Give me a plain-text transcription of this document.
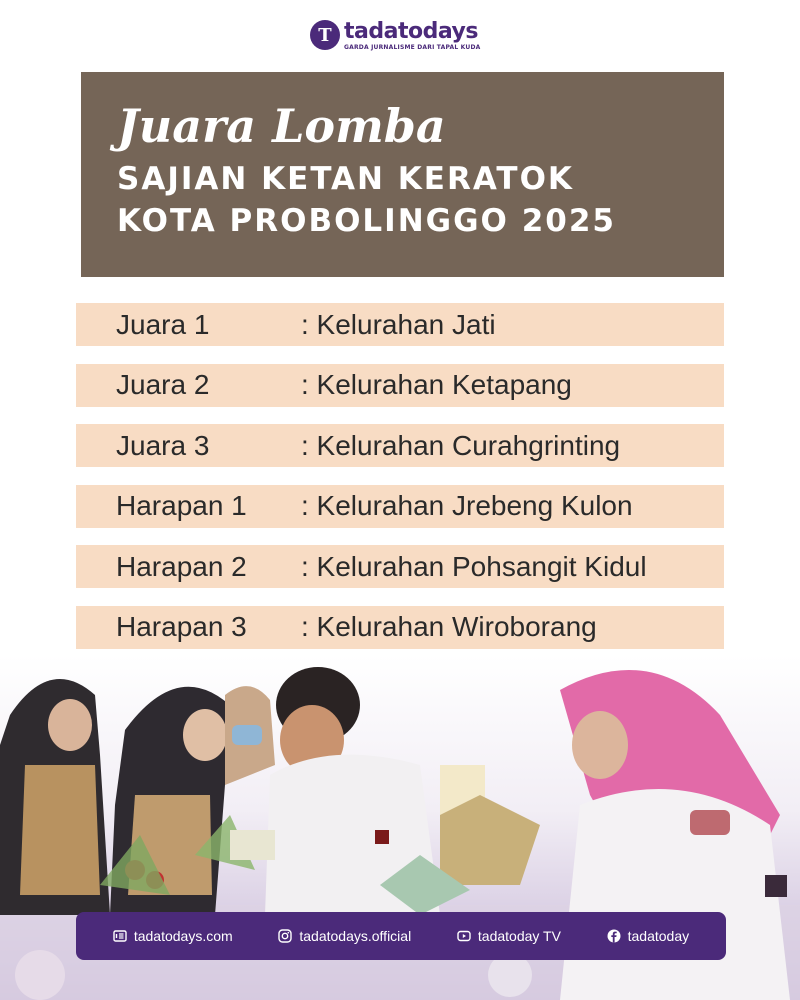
T tadatodays
GARDA JURNALISME DARI TAPAL KUDA
Juara Lomba
SAJIAN KETAN KERATOK
KOTA PROBOLINGGO 2025
Juara 1	: Kelurahan Jati
Juara 2	: Kelurahan Ketapang
Juara 3	: Kelurahan Curahgrinting
Harapan 1	: Kelurahan Jrebeng Kulon
Harapan 2	: Kelurahan Pohsangit Kidul
Harapan 3	: Kelurahan Wiroborang
tadatodays.com	tadatodays.official	tadatoday TV	tadatoday
